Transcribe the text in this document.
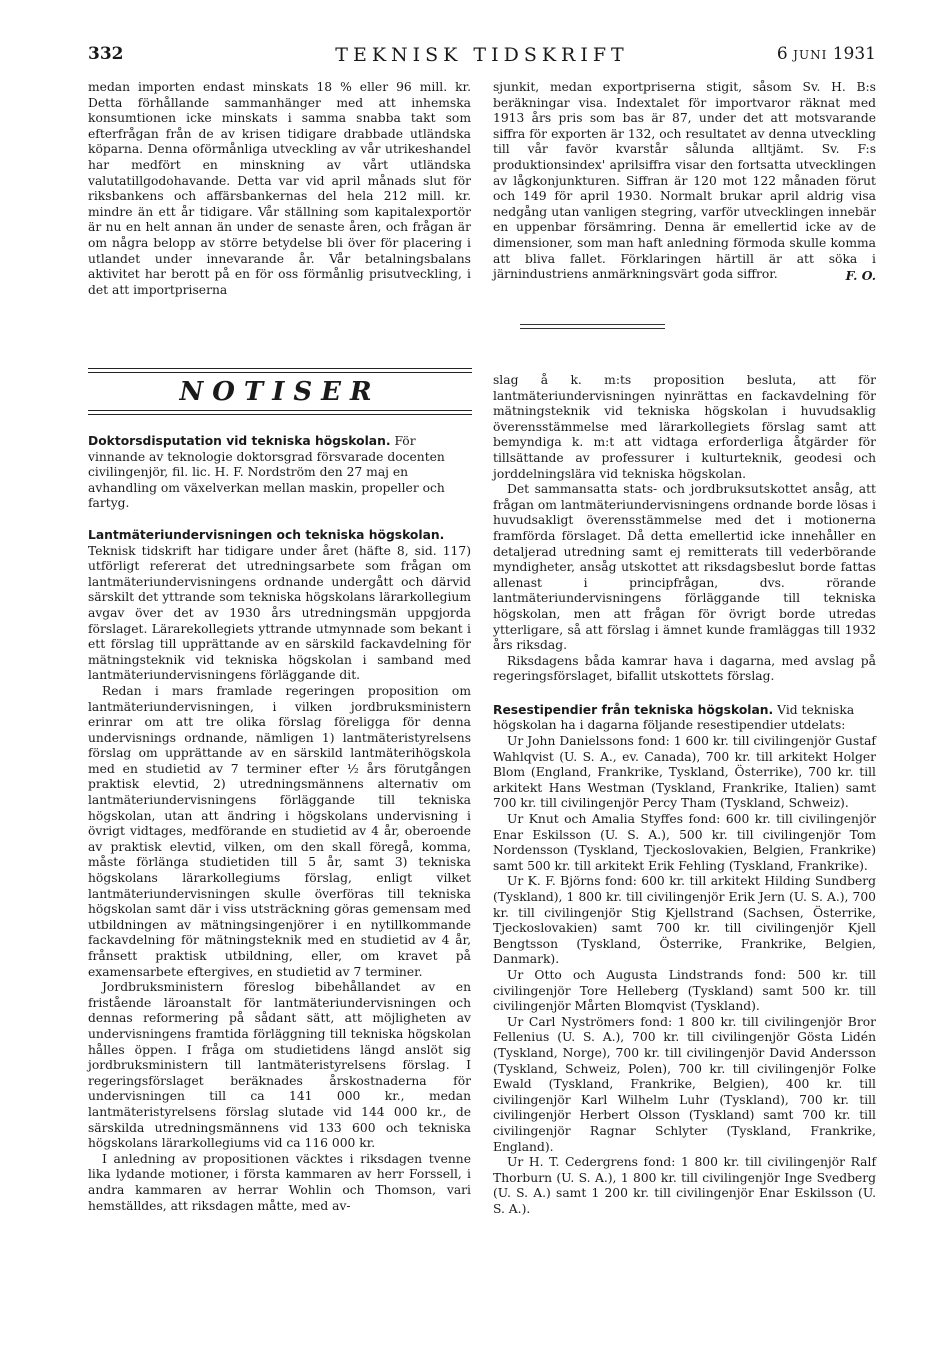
332	TEKNISK TIDSKRIFT	6 juni 1931

medan importen endast minskats 18 % eller 96 mill. kr. Detta förhållande sammanhänger med att inhemska konsumtionen icke minskats i samma snabba takt som efterfrågan från de av krisen tidigare drabbade utländska köparna. Denna oförmånliga utveckling av vår utrikeshandel har medfört en minskning av vårt utländska valutatillgodohavande. Detta var vid april månads slut för riksbankens och affärsbankernas del hela 212 mill. kr. mindre än ett år tidigare. Vår ställning som kapitalexportör är nu en helt annan än under de senaste åren, och frågan är om några belopp av större betydelse bli över för placering i utlandet under innevarande år. Vår betalningsbalans aktivitet har berott på en för oss förmånlig prisutveckling, i det att importpriserna

sjunkit, medan exportpriserna stigit, såsom Sv. H. B:s beräkningar visa. Indextalet för importvaror räknat med 1913 års pris som bas är 87, under det att motsvarande siffra för exporten är 132, och resultatet av denna utveckling till vår favör kvarstår sålunda alltjämt. Sv. F:s produktionsindex' aprilsiffra visar den fortsatta utvecklingen av lågkonjunkturen. Siffran är 120 mot 122 månaden förut och 149 för april 1930. Normalt brukar april aldrig visa nedgång utan vanligen stegring, varför utvecklingen innebär en uppenbar försämring. Denna är emellertid icke av de dimensioner, som man haft anledning förmoda skulle komma att bliva fallet. Förklaringen härtill är att söka i järnindustriens anmärkningsvärt goda siffror.	F. O.
NOTISER

Doktorsdisputation vid tekniska högskolan. För vinnande av teknologie doktorsgrad försvarade docenten civilingenjör, fil. lic. H. F. Nordström den 27 maj en avhandling om växelverkan mellan maskin, propeller och fartyg.

Lantmäteriundervisningen och tekniska högskolan.

Teknisk tidskrift har tidigare under året (häfte 8, sid. 117) utförligt refererat det utredningsarbete som frågan om lantmäteriundervisningens ordnande undergått och därvid särskilt det yttrande som tekniska högskolans lärarkollegium avgav över det av 1930 års utredningsmän uppgjorda förslaget. Lärarekollegiets yttrande utmynnade som bekant i ett förslag till upprättande av en särskild fackavdelning för mätningsteknik vid tekniska högskolan i samband med lantmäteriundervisningens förläggande dit.

Redan i mars framlade regeringen proposition om lantmäteriundervisningen, i vilken jordbruksministern erinrar om att tre olika förslag föreligga för denna undervisnings ordnande, nämligen 1) lantmäteristyrelsens förslag om upprättande av en särskild lantmäterihögskola med en studietid av 7 terminer efter ½ års förutgången praktisk elevtid, 2) utredningsmännens alternativ om lantmäteriundervisningens förläggande till tekniska högskolan, utan att ändring i högskolans undervisning i övrigt vidtages, medförande en studietid av 4 år, oberoende av praktisk elevtid, vilken, om den skall föregå, komma, måste förlänga studietiden till 5 år, samt 3) tekniska högskolans lärarkollegiums förslag, enligt vilket lantmäteriundervisningen skulle överföras till tekniska högskolan samt där i viss utsträckning göras gemensam med utbildningen av mätningsingenjörer i en nytillkommande fackavdelning för mätningsteknik med en studietid av 4 år, frånsett praktisk utbildning, eller, om kravet på examensarbete eftergives, en studietid av 7 terminer.

Jordbruksministern föreslog bibehållandet av en fristående läroanstalt för lantmäteriundervisningen och dennas reformering på sådant sätt, att möjligheten av undervisningens framtida förläggning till tekniska högskolan hålles öppen. I fråga om studietidens längd anslöt sig jordbruksministern till lantmäteristyrelsens förslag. I regeringsförslaget beräknades årskostnaderna för undervisningen till ca 141 000 kr., medan lantmäteristyrelsens förslag slutade vid 144 000 kr., de särskilda utredningsmännens vid 133 600 och tekniska högskolans lärarkollegiums vid ca 116 000 kr.

I anledning av propositionen väcktes i riksdagen tvenne lika lydande motioner, i första kammaren av herr Forssell, i andra kammaren av herrar Wohlin och Thomson, vari hemställdes, att riksdagen måtte, med av-

slag å k. m:ts proposition besluta, att för lantmäteriundervisningen nyinrättas en fackavdelning för mätningsteknik vid tekniska högskolan i huvudsaklig överensstämmelse med lärarkollegiets förslag samt att bemyndiga k. m:t att vidtaga erforderliga åtgärder för tillsättande av professurer i kulturteknik, geodesi och jorddelningslära vid tekniska högskolan.

Det sammansatta stats- och jordbruksutskottet ansåg, att frågan om lantmäteriundervisningens ordnande borde lösas i huvudsakligt överensstämmelse med det i motionerna framförda förslaget. Då detta emellertid icke innehåller en detaljerad utredning samt ej remitterats till vederbörande myndigheter, ansåg utskottet att riksdagsbeslut borde fattas allenast i principfrågan, dvs. rörande lantmäteriundervisningens förläggande till tekniska högskolan, men att frågan för övrigt borde utredas ytterligare, så att förslag i ämnet kunde framläggas till 1932 års riksdag.

Riksdagens båda kamrar hava i dagarna, med avslag på regeringsförslaget, bifallit utskottets förslag.

Resestipendier från tekniska högskolan. Vid tekniska högskolan ha i dagarna följande resestipendier utdelats:

Ur John Danielssons fond: 1 600 kr. till civilingenjör Gustaf Wahlqvist (U. S. A., ev. Canada), 700 kr. till arkitekt Holger Blom (England, Frankrike, Tyskland, Österrike), 700 kr. till arkitekt Hans Westman (Tyskland, Frankrike, Italien) samt 700 kr. till civilingenjör Percy Tham (Tyskland, Schweiz).

Ur Knut och Amalia Styffes fond: 600 kr. till civilingenjör Enar Eskilsson (U. S. A.), 500 kr. till civilingenjör Tom Nordensson (Tyskland, Tjeckoslovakien, Belgien, Frankrike) samt 500 kr. till arkitekt Erik Fehling (Tyskland, Frankrike).

Ur K. F. Björns fond: 600 kr. till arkitekt Hilding Sundberg (Tyskland), 1 800 kr. till civilingenjör Erik Jern (U. S. A.), 700 kr. till civilingenjör Stig Kjellstrand (Sachsen, Österrike, Tjeckoslovakien) samt 700 kr. till civilingenjör Kjell Bengtsson (Tyskland, Österrike, Frankrike, Belgien, Danmark).

Ur Otto och Augusta Lindstrands fond: 500 kr. till civilingenjör Tore Helleberg (Tyskland) samt 500 kr. till civilingenjör Mårten Blomqvist (Tyskland).

Ur Carl Nyströmers fond: 1 800 kr. till civilingenjör Bror Fellenius (U. S. A.), 700 kr. till civilingenjör Gösta Lidén (Tyskland, Norge), 700 kr. till civilingenjör David Andersson (Tyskland, Schweiz, Polen), 700 kr. till civilingenjör Folke Ewald (Tyskland, Frankrike, Belgien), 400 kr. till civilingenjör Karl Wilhelm Luhr (Tyskland), 700 kr. till civilingenjör Herbert Olsson (Tyskland) samt 700 kr. till civilingenjör Ragnar Schlyter (Tyskland, Frankrike, England).

Ur H. T. Cedergrens fond: 1 800 kr. till civilingenjör Ralf Thorburn (U. S. A.), 1 800 kr. till civilingenjör Inge Svedberg (U. S. A.) samt 1 200 kr. till civilingenjör Enar Eskilsson (U. S. A.).
